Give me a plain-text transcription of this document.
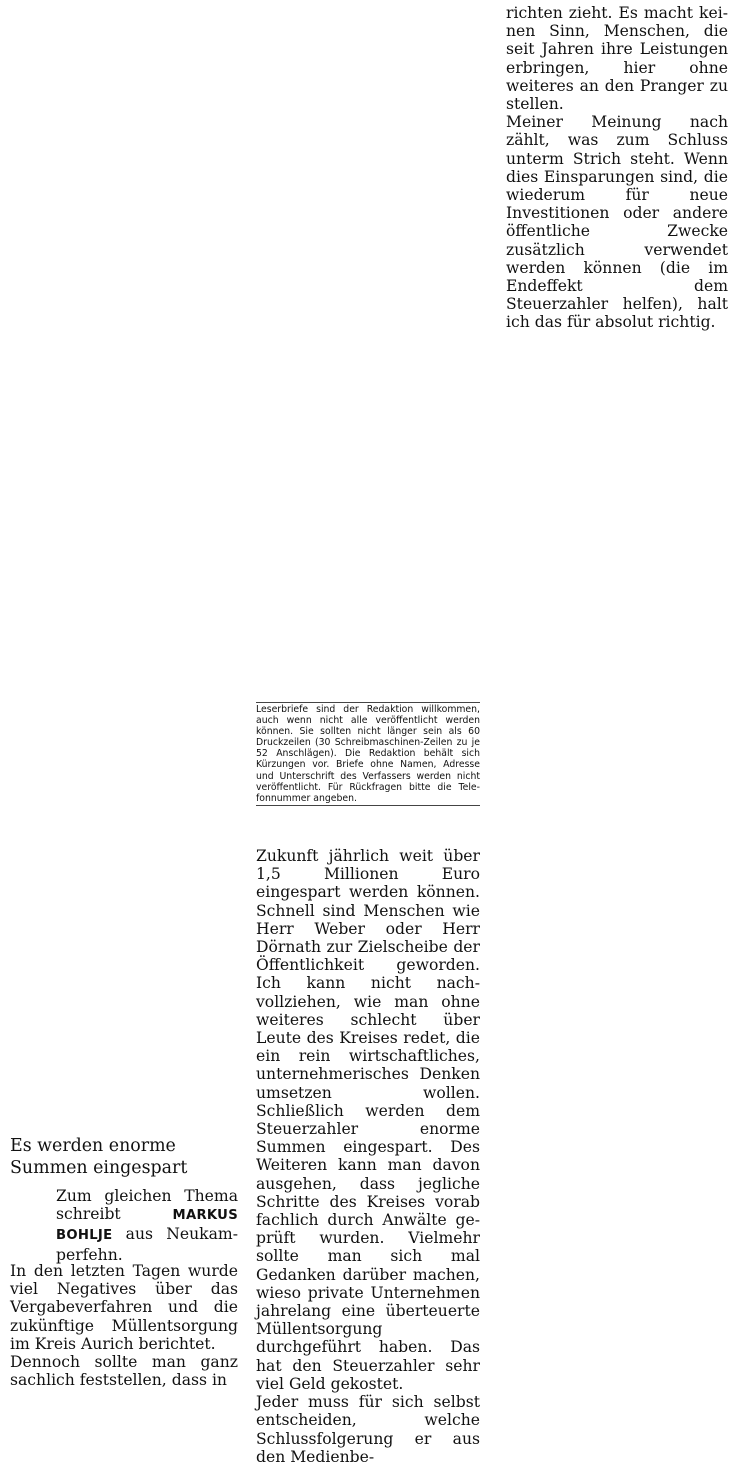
richten zieht. Es macht keinen Sinn, Menschen, die seit Jahren ihre Leistungen erbringen, hier ohne weiteres an den Pranger zu stellen.

Meiner Meinung nach zählt, was zum Schluss unterm Strich steht. Wenn dies Einsparungen sind, die wiederum für neue Investitionen oder andere öffentliche Zwecke zusätzlich verwendet werden können (die im Endeffekt dem Steuerzahler helfen), halt ich das für absolut richtig.

Leserbriefe sind der Redaktion willkommen, auch wenn nicht alle veröffentlicht werden können. Sie sollten nicht länger sein als 60 Druckzeilen (30 Schreibmaschinen-Zeilen zu je 52 Anschlägen). Die Redaktion behält sich Kürzungen vor. Briefe ohne Namen, Adresse und Unterschrift des Verfassers werden nicht veröffentlicht. Für Rückfragen bitte die Telefonnummer angeben.

Zukunft jährlich weit über 1,5 Millionen Euro eingespart werden können. Schnell sind Menschen wie Herr Weber oder Herr Dörnath zur Zielscheibe der Öffentlichkeit geworden. Ich kann nicht nachvollziehen, wie man ohne weiteres schlecht über Leute des Kreises redet, die ein rein wirtschaftliches, unternehmerisches Denken umsetzen wollen. Schließlich werden dem Steuerzahler enorme Summen eingespart. Des Weiteren kann man davon ausgehen, dass jegliche Schritte des Kreises vorab fachlich durch Anwälte geprüft wurden. Vielmehr sollte man sich mal Gedanken darüber machen, wieso private Unternehmen jahrelang eine überteuerte Müllentsorgung durchgeführt haben. Das hat den Steuerzahler sehr viel Geld gekostet.

Jeder muss für sich selbst entscheiden, welche Schlussfolgerung er aus den Medienbe-

Es werden enorme Summen eingespart
Zum gleichen Thema schreibt MARKUS BOHLJE aus Neukamperfehn.

In den letzten Tagen wurde viel Negatives über das Vergabeverfahren und die zukünftige Müllentsorgung im Kreis Aurich berichtet.

Dennoch sollte man ganz sachlich feststellen, dass in
